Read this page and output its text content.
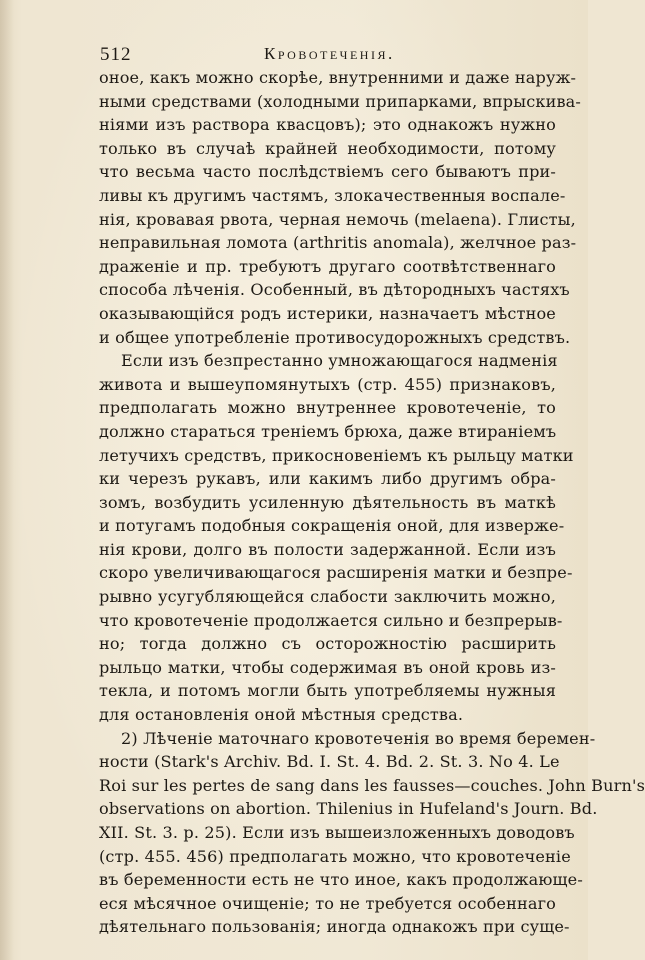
512	Кровотеченія.
оное, какъ можно скорѣе, внутренними и даже наруж-
ными средствами (холодными припарками, впрыскива-
ніями изъ раствора квасцовъ); это однакожъ нужно
только въ случаѣ крайней необходимости, потому
что весьма часто послѣдствіемъ сего бываютъ при-
ливы къ другимъ частямъ, злокачественныя воспале-
нія, кровавая рвота, черная немочь (melaena). Глисты,
неправильная ломота (arthritis anomala), желчное раз-
драженіе и пр. требуютъ другаго соотвѣтственнаго
способа лѣченія. Особенный, въ дѣтородныхъ частяхъ
оказывающійся родъ истерики, назначаетъ мѣстное
и общее употребленіе противосудорожныхъ средствъ.
Если изъ безпрестанно умножающагося надменія
живота и вышеупомянутыхъ (стр. 455) признаковъ,
предполагать можно внутреннее кровотеченіе, то
должно стараться треніемъ брюха, даже втираніемъ
летучихъ средствъ, прикосновеніемъ къ рыльцу матки
ки черезъ рукавъ, или какимъ либо другимъ обра-
зомъ, возбудить усиленную дѣятельность въ маткѣ
и потугамъ подобныя сокращенія оной, для изверже-
нія крови, долго въ полости задержанной. Если изъ
скоро увеличивающагося расширенія матки и безпре-
рывно усугубляющейся слабости заключить можно,
что кровотеченіе продолжается сильно и безпрерыв-
но; тогда должно съ осторожностію расширить
рыльцо матки, чтобы содержимая въ оной кровь из-
текла, и потомъ могли быть употребляемы нужныя
для остановленія оной мѣстныя средства.
2) Лѣченіе маточнаго кровотеченія во время беремен-
ности (Stark's Archiv. Bd. I. St. 4. Bd. 2. St. 3. No 4. Le
Roi sur les pertes de sang dans les fausses—couches. John Burn's
observations on abortion. Thilenius in Hufeland's Journ. Bd.
XII. St. 3. p. 25). Если изъ вышеизложенныхъ доводовъ
(стр. 455. 456) предполагать можно, что кровотеченіе
въ беременности есть не что иное, какъ продолжающе-
еся мѣсячное очищеніе; то не требуется особеннаго
дѣятельнаго пользованія; иногда однакожъ при суще-
